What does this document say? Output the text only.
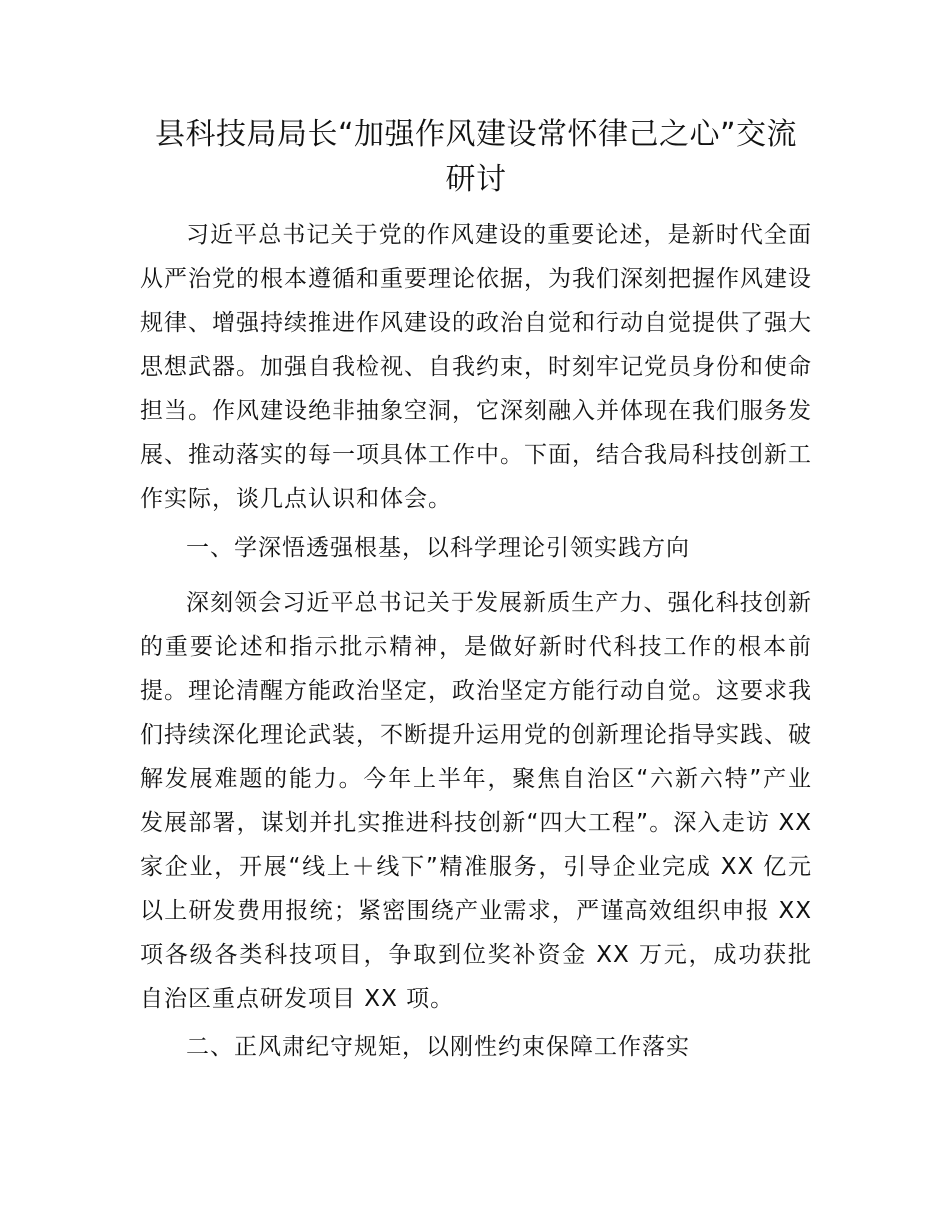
县科技局局长“加强作风建设常怀律己之心”交流研讨

习近平总书记关于党的作风建设的重要论述，是新时代全面从严治党的根本遵循和重要理论依据，为我们深刻把握作风建设规律、增强持续推进作风建设的政治自觉和行动自觉提供了强大思想武器。加强自我检视、自我约束，时刻牢记党员身份和使命担当。作风建设绝非抽象空洞，它深刻融入并体现在我们服务发展、推动落实的每一项具体工作中。下面，结合我局科技创新工作实际，谈几点认识和体会。

一、学深悟透强根基，以科学理论引领实践方向

深刻领会习近平总书记关于发展新质生产力、强化科技创新的重要论述和指示批示精神，是做好新时代科技工作的根本前提。理论清醒方能政治坚定，政治坚定方能行动自觉。这要求我们持续深化理论武装，不断提升运用党的创新理论指导实践、破解发展难题的能力。今年上半年，聚焦自治区“六新六特”产业发展部署，谋划并扎实推进科技创新“四大工程”。深入走访 XX 家企业，开展“线上＋线下”精准服务，引导企业完成 XX 亿元以上研发费用报统；紧密围绕产业需求，严谨高效组织申报 XX 项各级各类科技项目，争取到位奖补资金 XX 万元，成功获批自治区重点研发项目 XX 项。

二、正风肃纪守规矩，以刚性约束保障工作落实
